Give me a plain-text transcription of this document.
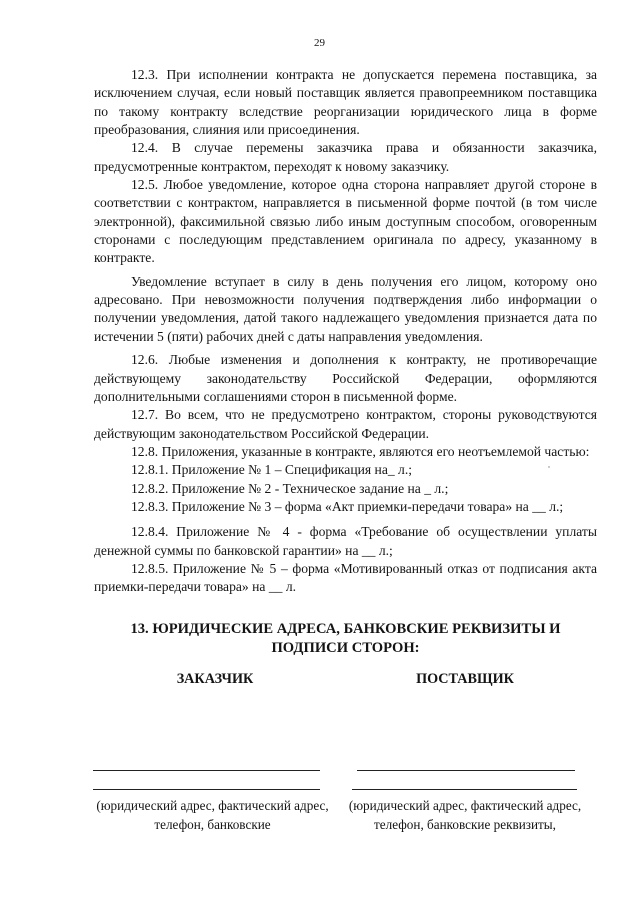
29

12.3. При исполнении контракта не допускается перемена поставщика, за исключением случая, если новый поставщик является правопреемником поставщика по такому контракту вследствие реорганизации юридического лица в форме преобразования, слияния или присоединения.

12.4. В случае перемены заказчика права и обязанности заказчика, предусмотренные контрактом, переходят к новому заказчику.

12.5. Любое уведомление, которое одна сторона направляет другой стороне в соответствии с контрактом, направляется в письменной форме почтой (в том числе электронной), факсимильной связью либо иным доступным способом, оговоренным сторонами с последующим представлением оригинала по адресу, указанному в контракте.

Уведомление вступает в силу в день получения его лицом, которому оно адресовано. При невозможности получения подтверждения либо информации о получении уведомления, датой такого надлежащего уведомления признается дата по истечении 5 (пяти) рабочих дней с даты направления уведомления.

12.6. Любые изменения и дополнения к контракту, не противоречащие действующему законодательству Российской Федерации, оформляются дополнительными соглашениями сторон в письменной форме.

12.7. Во всем, что не предусмотрено контрактом, стороны руководствуются действующим законодательством Российской Федерации.

12.8. Приложения, указанные в контракте, являются его неотъемлемой частью:

12.8.1. Приложение № 1 – Спецификация на_ л.;

12.8.2. Приложение № 2 - Техническое задание на _ л.;

12.8.3. Приложение № 3 – форма «Акт приемки-передачи товара» на __ л.;

12.8.4. Приложение № 4 - форма «Требование об осуществлении уплаты денежной суммы по банковской гарантии» на __ л.;

12.8.5. Приложение № 5 – форма «Мотивированный отказ от подписания акта приемки-передачи товара» на __ л.

13. ЮРИДИЧЕСКИЕ АДРЕСА, БАНКОВСКИЕ РЕКВИЗИТЫ И ПОДПИСИ СТОРОН:
ЗАКАЗЧИК	ПОСТАВЩИК
(юридический адрес, фактический адрес, телефон, банковские
(юридический адрес, фактический адрес, телефон, банковские реквизиты,
